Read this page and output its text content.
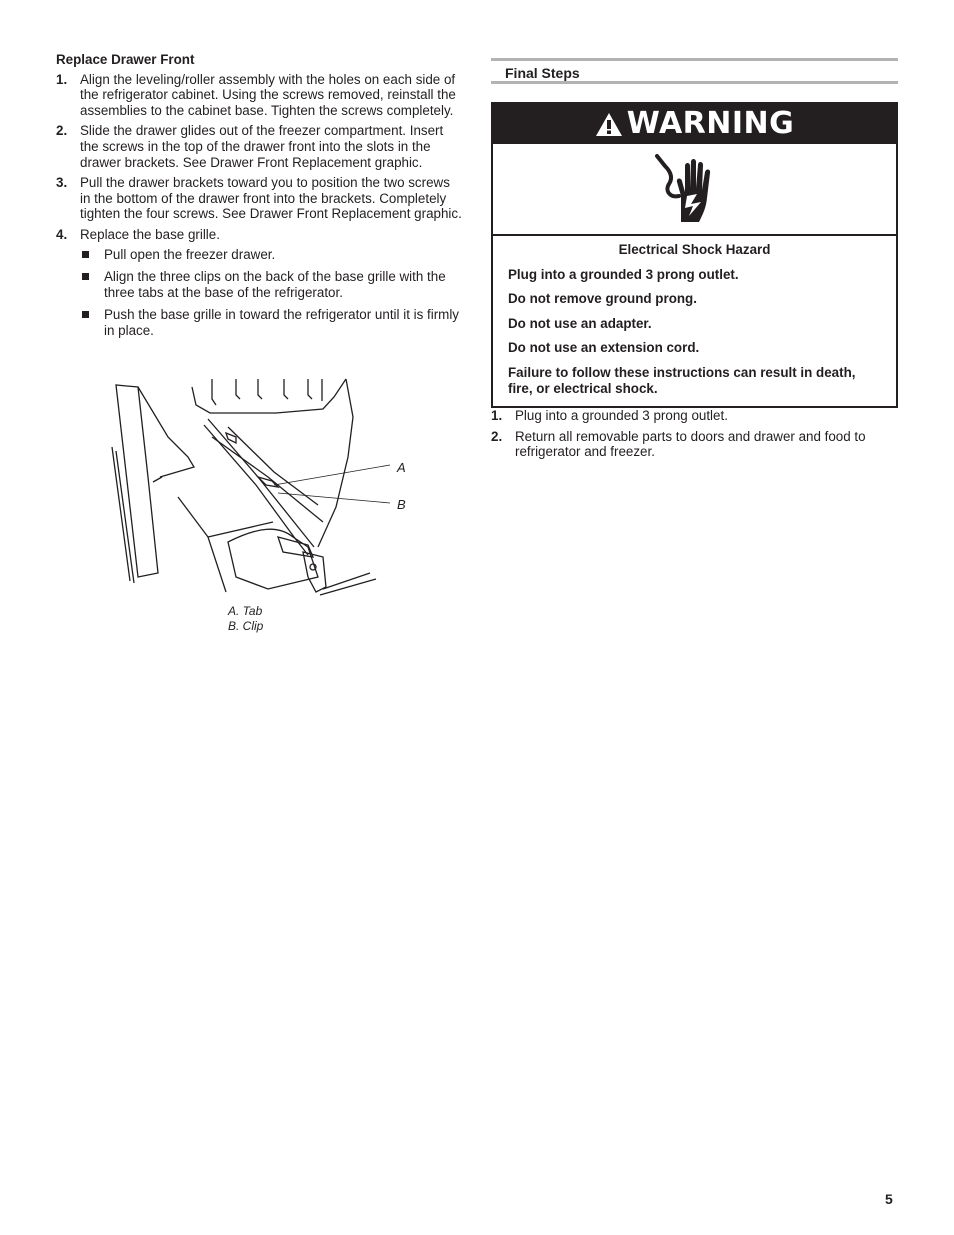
Replace Drawer Front
1. Align the leveling/roller assembly with the holes on each side of the refrigerator cabinet. Using the screws removed, reinstall the assemblies to the cabinet base. Tighten the screws completely.
2. Slide the drawer glides out of the freezer compartment. Insert the screws in the top of the drawer front into the slots in the drawer brackets. See Drawer Front Replacement graphic.
3. Pull the drawer brackets toward you to position the two screws in the bottom of the drawer front into the brackets. Completely tighten the four screws. See Drawer Front Replacement graphic.
4. Replace the base grille.
Pull open the freezer drawer.
Align the three clips on the back of the base grille with the three tabs at the base of the refrigerator.
Push the base grille in toward the refrigerator until it is firmly in place.
A
B
A. Tab
B. Clip
Final Steps
WARNING
Electrical Shock Hazard

Plug into a grounded 3 prong outlet.

Do not remove ground prong.

Do not use an adapter.

Do not use an extension cord.

Failure to follow these instructions can result in death, fire, or electrical shock.

1. Plug into a grounded 3 prong outlet.
2. Return all removable parts to doors and drawer and food to refrigerator and freezer.
5
